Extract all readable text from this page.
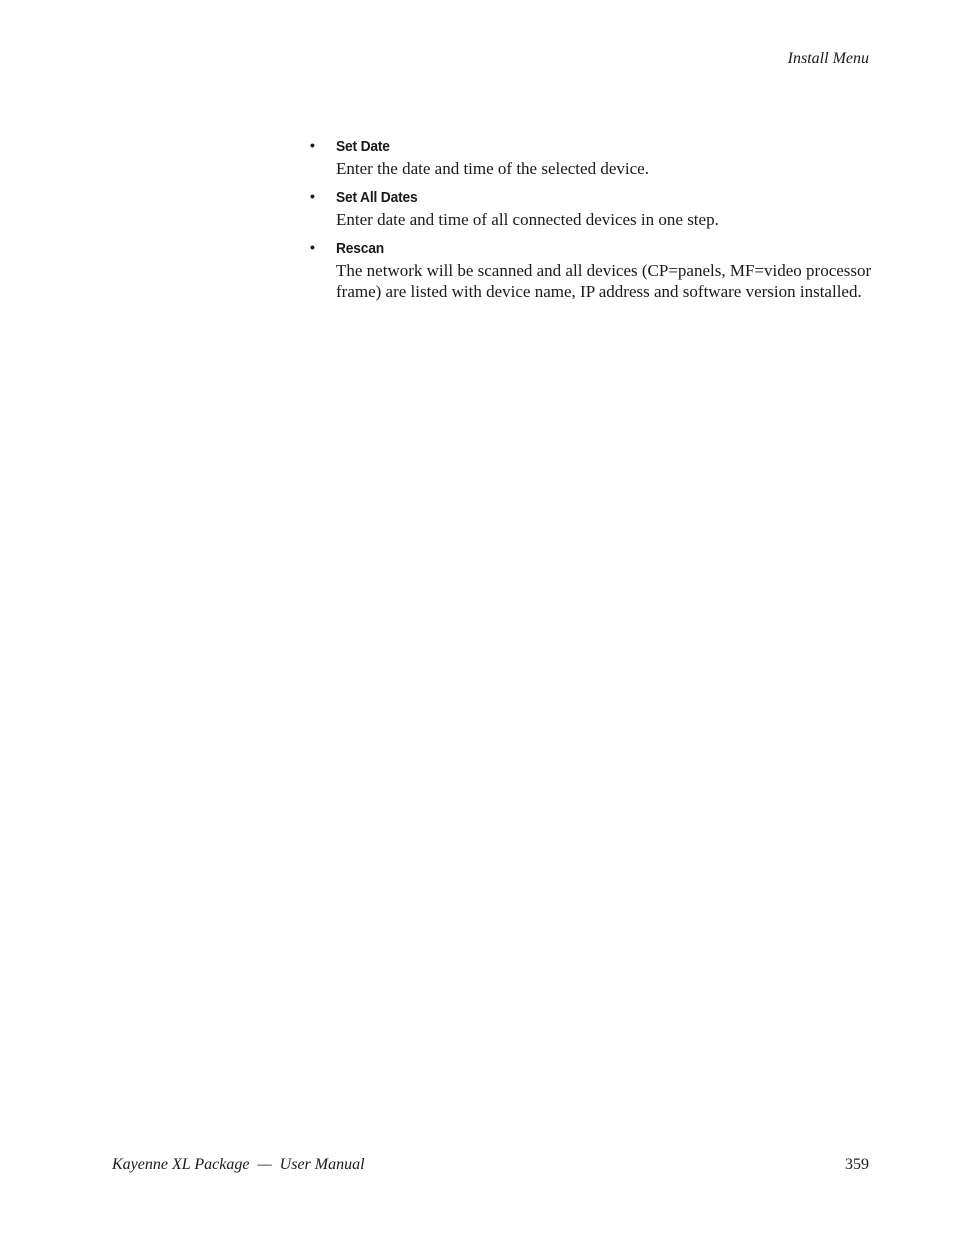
Install Menu
• Set Date
Enter the date and time of the selected device.
• Set All Dates
Enter date and time of all connected devices in one step.
• Rescan
The network will be scanned and all devices (CP=panels, MF=video processor frame) are listed with device name, IP address and software version installed.
Kayenne XL Package — User Manual	359
